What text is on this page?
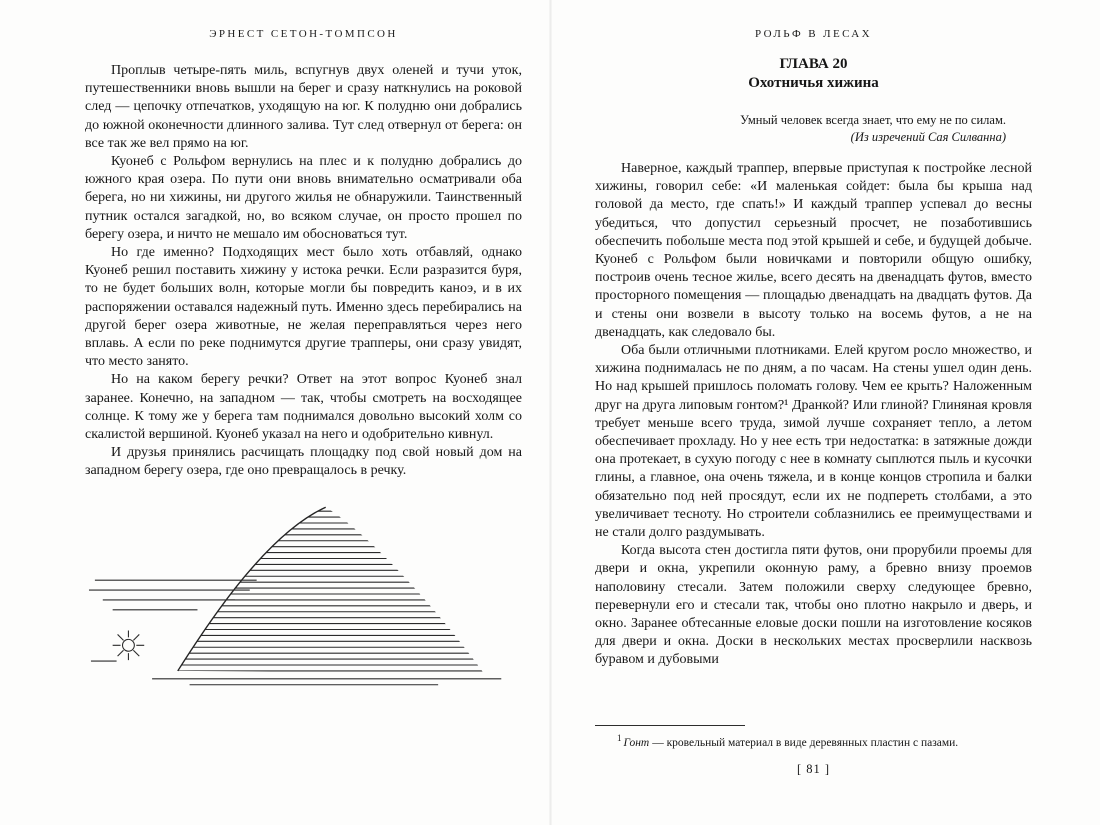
ЭРНЕСТ СЕТОН-ТОМПСОН

Проплыв четыре-пять миль, вспугнув двух оленей и тучи уток, путешественники вновь вышли на берег и сразу наткнулись на роковой след — цепочку отпечатков, уходящую на юг. К полудню они добрались до южной оконечности длинного залива. Тут след отвернул от берега: он все так же вел прямо на юг.

Куонеб с Рольфом вернулись на плес и к полудню добрались до южного края озера. По пути они вновь внимательно осматривали оба берега, но ни хижины, ни другого жилья не обнаружили. Таинственный путник остался загадкой, но, во всяком случае, он просто прошел по берегу озера, и ничто не мешало им обосноваться тут.

Но где именно? Подходящих мест было хоть отбавляй, однако Куонеб решил поставить хижину у истока речки. Если разразится буря, то не будет больших волн, которые могли бы повредить каноэ, и в их распоряжении оставался надежный путь. Именно здесь перебирались на другой берег озера животные, не желая переправляться через него вплавь. А если по реке поднимутся другие трапперы, они сразу увидят, что место занято.

Но на каком берегу речки? Ответ на этот вопрос Куонеб знал заранее. Конечно, на западном — так, чтобы смотреть на восходящее солнце. К тому же у берега там поднимался довольно высокий холм со скалистой вершиной. Куонеб указал на него и одобрительно кивнул.

И друзья принялись расчищать площадку под свой новый дом на западном берегу озера, где оно превращалось в речку.

РОЛЬФ В ЛЕСАХ
ГЛАВА 20
Охотничья хижина
Умный человек всегда знает, что ему не по силам.
(Из изречений Сая Силванна)

Наверное, каждый траппер, впервые приступая к постройке лесной хижины, говорил себе: «И маленькая сойдет: была бы крыша над головой да место, где спать!» И каждый траппер успевал до весны убедиться, что допустил серьезный просчет, не позаботившись обеспечить побольше места под этой крышей и себе, и будущей добыче. Куонеб с Рольфом были новичками и повторили общую ошибку, построив очень тесное жилье, всего десять на двенадцать футов, вместо просторного помещения — площадью двенадцать на двадцать футов. Да и стены они возвели в высоту только на восемь футов, а не на двенадцать, как следовало бы.

Оба были отличными плотниками. Елей кругом росло множество, и хижина поднималась не по дням, а по часам. На стены ушел один день. Но над крышей пришлось поломать голову. Чем ее крыть? Наложенным друг на друга липовым гонтом?¹ Дранкой? Или глиной? Глиняная кровля требует меньше всего труда, зимой лучше сохраняет тепло, а летом обеспечивает прохладу. Но у нее есть три недостатка: в затяжные дожди она протекает, в сухую погоду с нее в комнату сыплются пыль и кусочки глины, а главное, она очень тяжела, и в конце концов стропила и балки обязательно под ней просядут, если их не подпереть столбами, а это увеличивает тесноту. Но строители соблазнились ее преимуществами и не стали долго раздумывать.

Когда высота стен достигла пяти футов, они прорубили проемы для двери и окна, укрепили оконную раму, а бревно внизу проемов наполовину стесали. Затем положили сверху следующее бревно, перевернули его и стесали так, чтобы оно плотно накрыло и дверь, и окно. Заранее обтесанные еловые доски пошли на изготовление косяков для двери и окна. Доски в нескольких местах просверлили насквозь буравом и дубовыми

$^1$ Гонт — кровельный материал в виде деревянных пластин с пазами.
[ 81 ]
